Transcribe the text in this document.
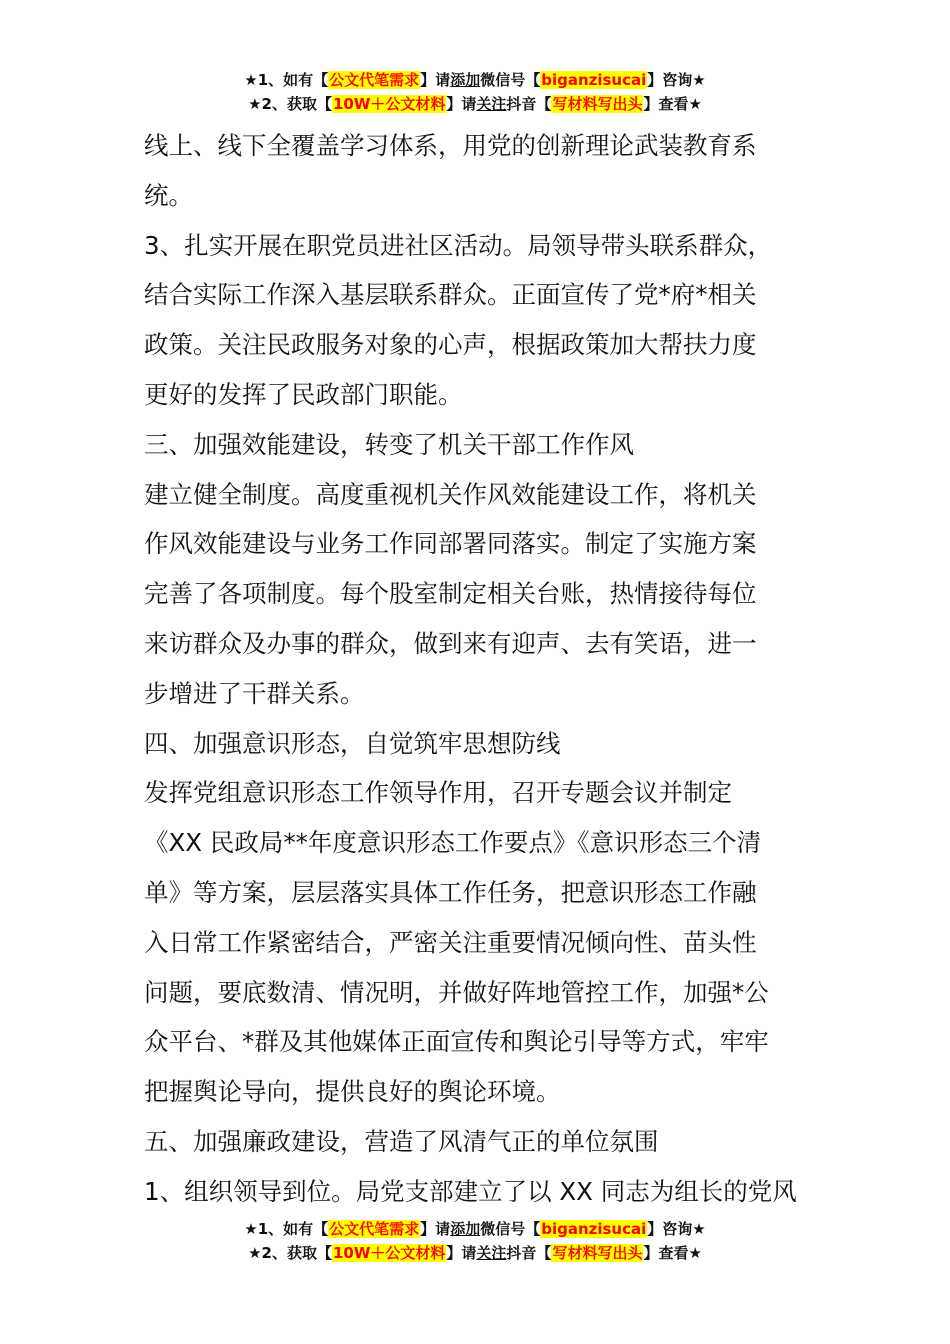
★1、如有【公文代笔需求】请添加微信号【biganzisucai】咨询★
★2、获取【10W＋公文材料】请关注抖音【写材料写出头】查看★

线上、线下全覆盖学习体系，用党的创新理论武装教育系

统。

3、扎实开展在职党员进社区活动。局领导带头联系群众，

结合实际工作深入基层联系群众。正面宣传了党*府*相关

政策。关注民政服务对象的心声，根据政策加大帮扶力度

更好的发挥了民政部门职能。

三、加强效能建设，转变了机关干部工作作风

建立健全制度。高度重视机关作风效能建设工作，将机关

作风效能建设与业务工作同部署同落实。制定了实施方案

完善了各项制度。每个股室制定相关台账，热情接待每位

来访群众及办事的群众，做到来有迎声、去有笑语，进一

步增进了干群关系。

四、加强意识形态，自觉筑牢思想防线

发挥党组意识形态工作领导作用，召开专题会议并制定

《XX 民政局**年度意识形态工作要点》《意识形态三个清

单》等方案，层层落实具体工作任务，把意识形态工作融

入日常工作紧密结合，严密关注重要情况倾向性、苗头性

问题，要底数清、情况明，并做好阵地管控工作，加强*公

众平台、*群及其他媒体正面宣传和舆论引导等方式，牢牢

把握舆论导向，提供良好的舆论环境。

五、加强廉政建设，营造了风清气正的单位氛围

1、组织领导到位。局党支部建立了以 XX 同志为组长的党风

★1、如有【公文代笔需求】请添加微信号【biganzisucai】咨询★
★2、获取【10W＋公文材料】请关注抖音【写材料写出头】查看★
